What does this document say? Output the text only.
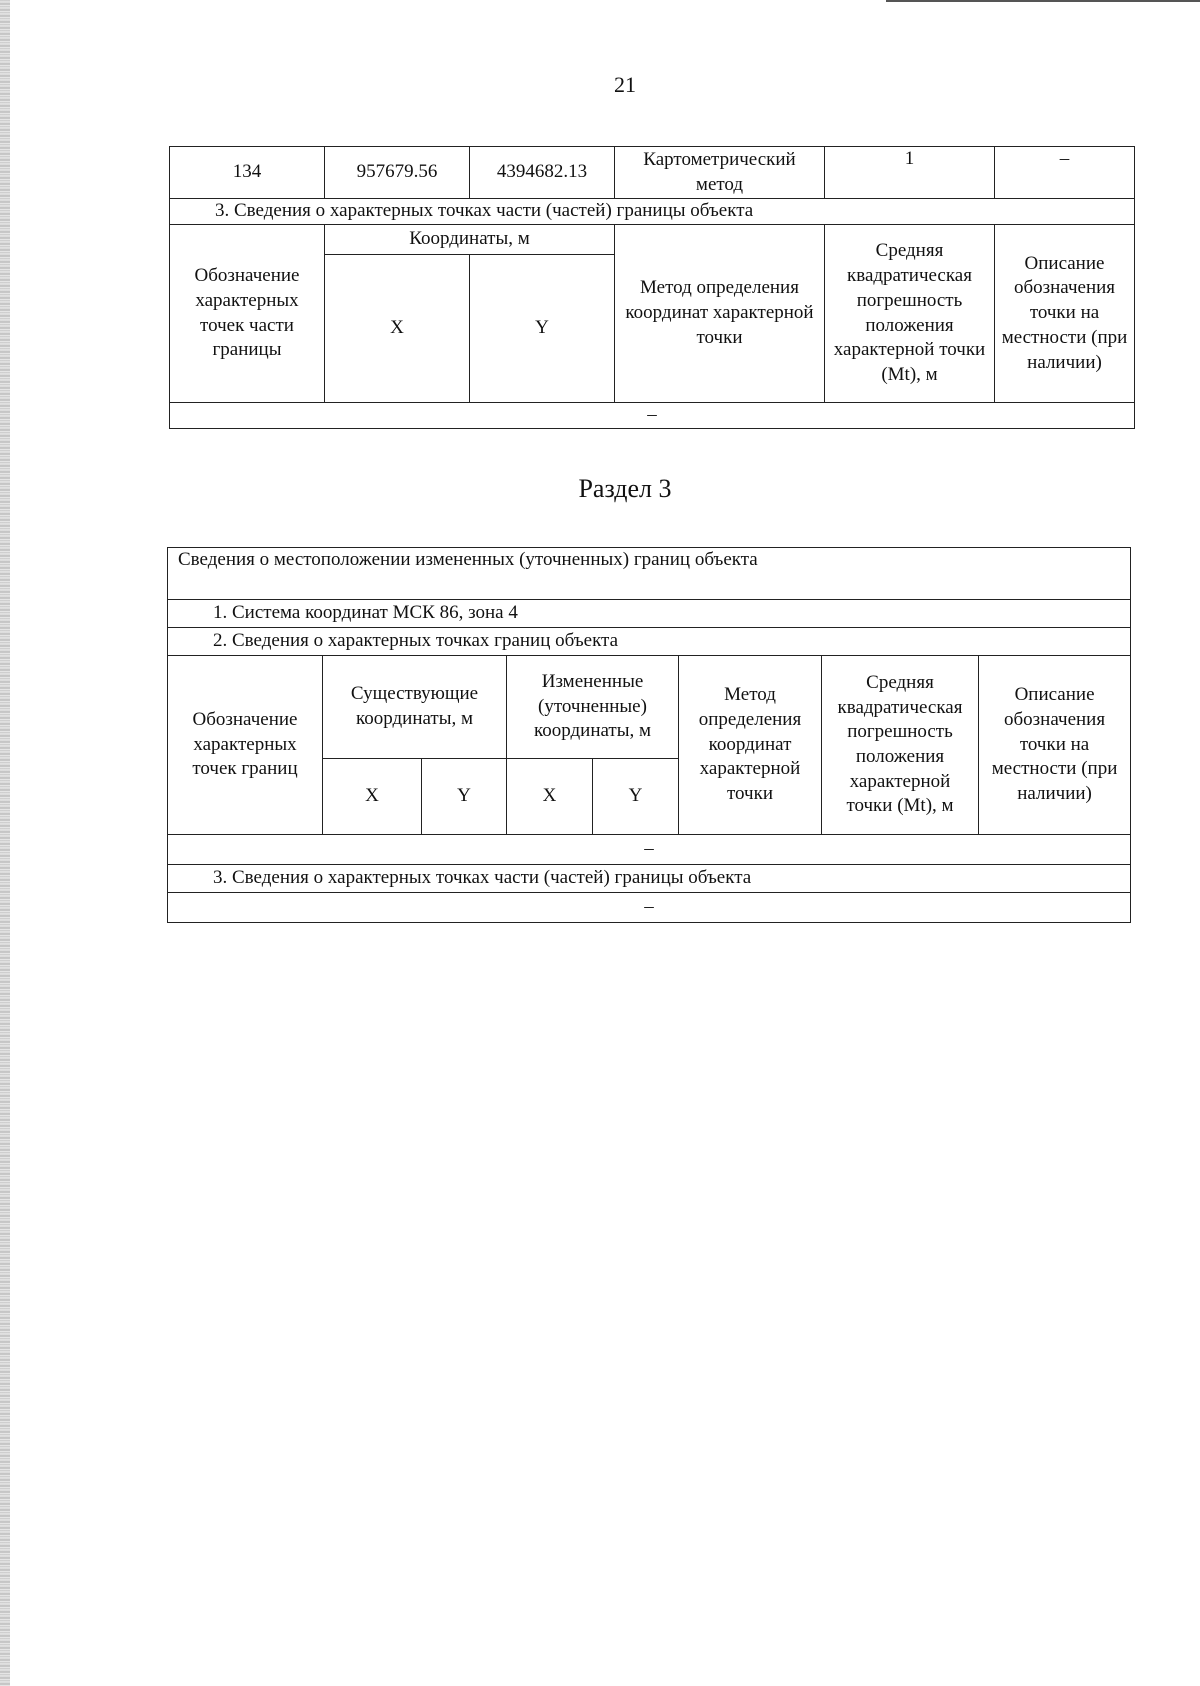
21
134	957679.56	4394682.13	Картометрический метод	1	–
3. Сведения о характерных точках части (частей) границы объекта					
Обозначение характерных точек части границы	Координаты, м		Метод определения координат характерной точки	Средняя квадратическая погрешность положения характерной точки (Mt), м	Описание обозначения точки на местности (при наличии)
	X	Y			
–					
Раздел 3
Сведения о местоположении измененных (уточненных) границ объекта							
1. Система координат МСК 86, зона 4							
2. Сведения о характерных точках границ объекта							
Обозначение характерных точек границ	Существующие координаты, м		Измененные (уточненные) координаты, м		Метод определения координат характерной точки	Средняя квадратическая погрешность положения характерной точки (Mt), м	Описание обозначения точки на местности (при наличии)
	X	Y	X	Y			
–							
3. Сведения о характерных точках части (частей) границы объекта							
–							
